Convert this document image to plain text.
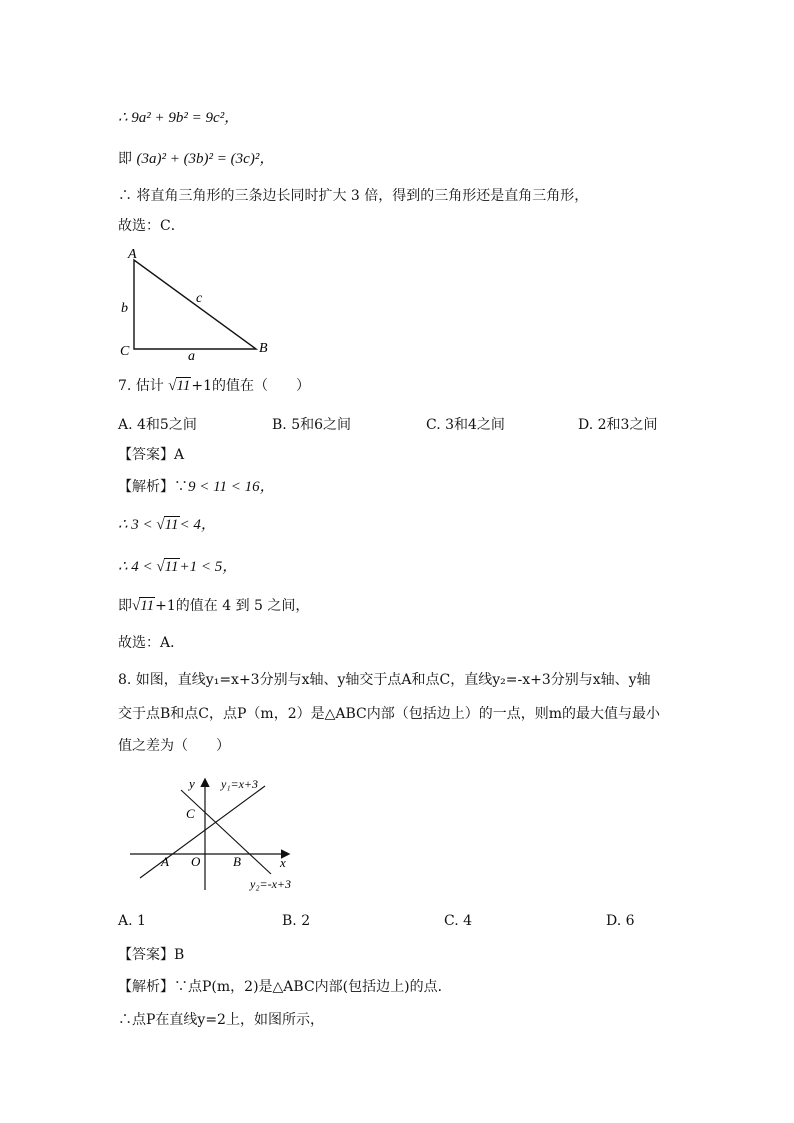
∴ 9a² + 9b² = 9c²，
即 (3a)² + (3b)² = (3c)²，
∴ 将直角三角形的三条边长同时扩大 3 倍，得到的三角形还是直角三角形，
故选：C．
A
C	B
b
c
a
7. 估计 √11+1的值在（　　）
A. 4和5之间	B. 5和6之间	C. 3和4之间	D. 2和3之间
【答案】A
【解析】∵9 < 11 < 16，
∴ 3 < √11< 4，
∴ 4 < √11+1 < 5，
即√11+1的值在 4 到 5 之间，
故选：A．
8. 如图，直线y₁=x+3分别与x轴、y轴交于点A和点C，直线y₂=-x+3分别与x轴、y轴
交于点B和点C，点P（m，2）是△ABC内部（包括边上）的一点，则m的最大值与最小
值之差为（　　）
y
x
O
A	B
C
y₁=x+3
y₂=-x+3
A. 1	B. 2	C. 4	D. 6
【答案】B
【解析】∵点P(m，2)是△ABC内部(包括边上)的点．
∴点P在直线y=2上，如图所示，
